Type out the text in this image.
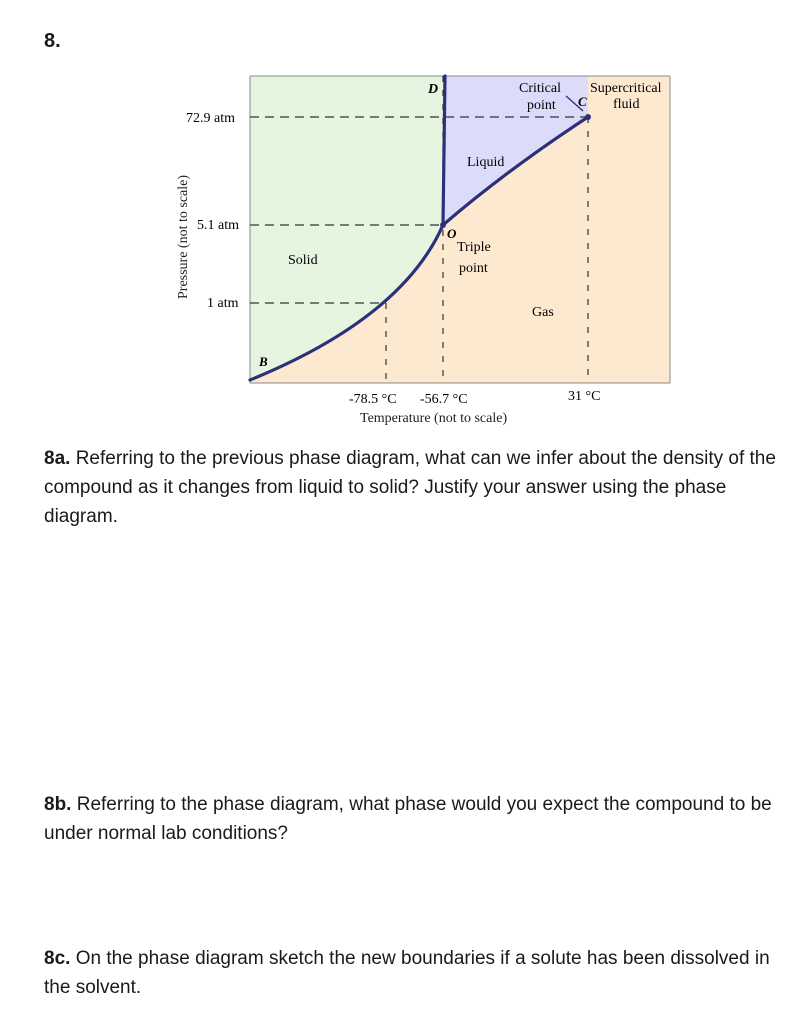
8.
Pressure (not to scale)
Temperature (not to scale)
72.9 atm
5.1 atm
1 atm
-78.5 °C -56.7 °C	31 °C
Solid
Liquid
Gas
Supercritical
fluid
B
D
O
C
Triple
point
Critical
point
8a. Referring to the previous phase diagram, what can we infer about the density of the compound as it changes from liquid to solid? Justify your answer using the phase diagram.
8b. Referring to the phase diagram, what phase would you expect the compound to be under normal lab conditions?
8c. On the phase diagram sketch the new boundaries if a solute has been dissolved in the solvent.
